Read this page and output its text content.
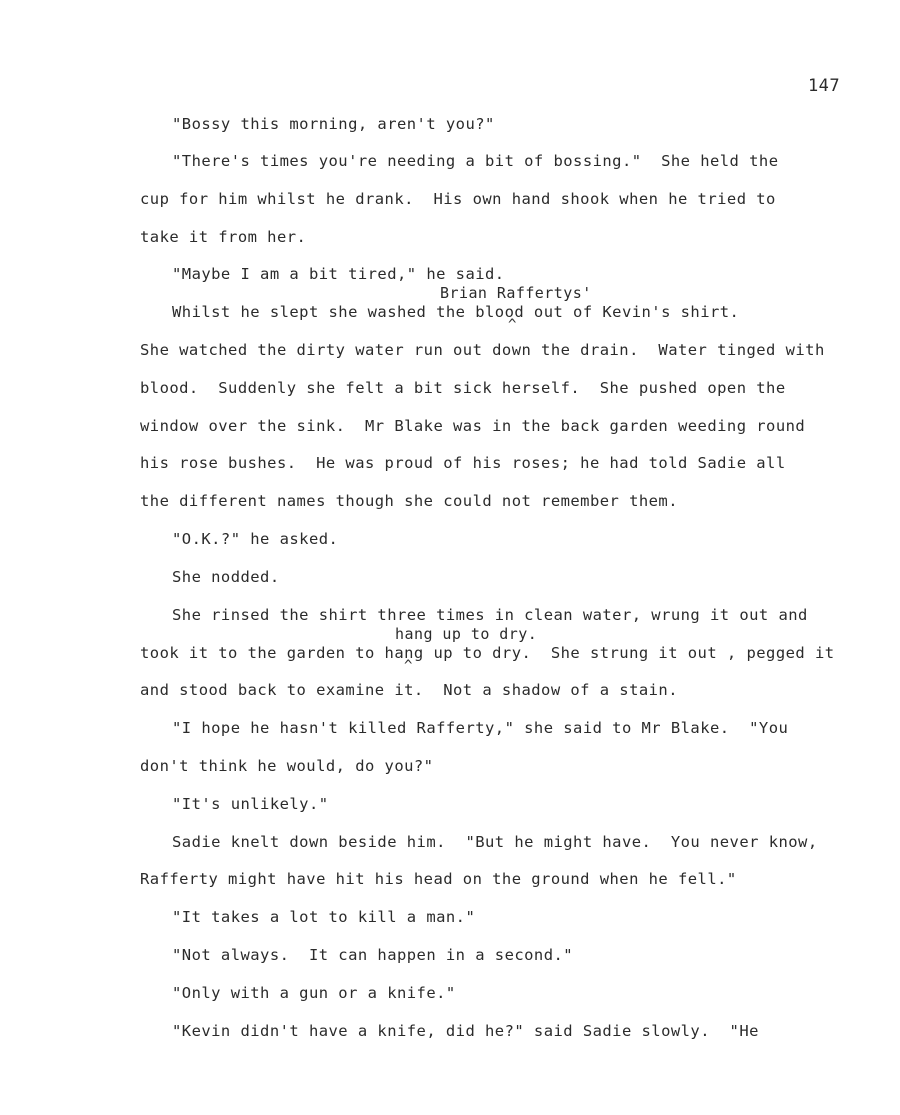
147
"Bossy this morning, aren't you?"
"There's times you're needing a bit of bossing."  She held the
cup for him whilst he drank.  His own hand shook when he tried to
take it from her.
"Maybe I am a bit tired," he said.
Brian Raffertys'
Whilst he slept she washed the blood out of Kevin's shirt.
^
She watched the dirty water run out down the drain.  Water tinged with
blood.  Suddenly she felt a bit sick herself.  She pushed open the
window over the sink.  Mr Blake was in the back garden weeding round
his rose bushes.  He was proud of his roses; he had told Sadie all
the different names though she could not remember them.
"O.K.?" he asked.
She nodded.
She rinsed the shirt three times in clean water, wrung it out and
hang up to dry.
took it to the garden to hang up to dry.  She strung it out , pegged it
^
and stood back to examine it.  Not a shadow of a stain.
"I hope he hasn't killed Rafferty," she said to Mr Blake.  "You
don't think he would, do you?"
"It's unlikely."
Sadie knelt down beside him.  "But he might have.  You never know,
Rafferty might have hit his head on the ground when he fell."
"It takes a lot to kill a man."
"Not always.  It can happen in a second."
"Only with a gun or a knife."
"Kevin didn't have a knife, did he?" said Sadie slowly.  "He
